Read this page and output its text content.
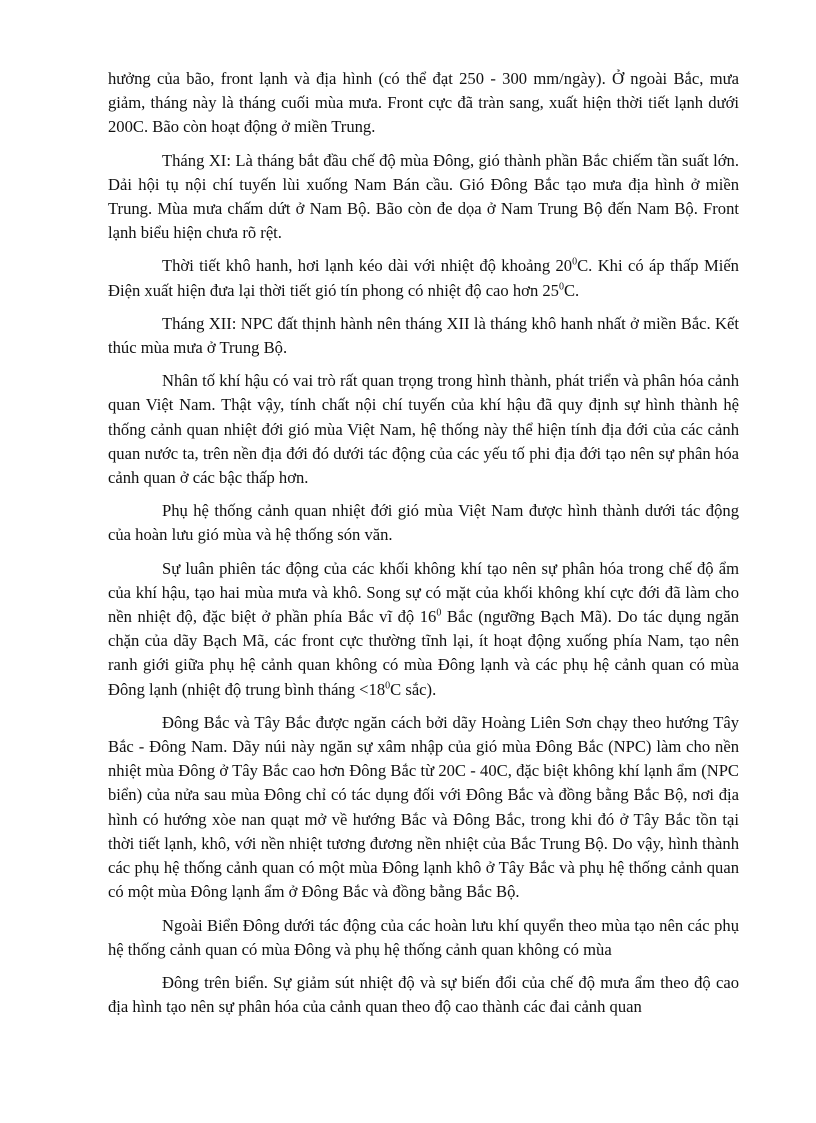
hưởng của bão, front lạnh và địa hình (có thể đạt 250 - 300 mm/ngày). Ở ngoài Bắc, mưa giảm, tháng này là tháng cuối mùa mưa. Front cực đã tràn sang, xuất hiện thời tiết lạnh dưới 200C. Bão còn hoạt động ở miền Trung.

Tháng XI: Là tháng bắt đầu chế độ mùa Đông, gió thành phần Bắc chiếm tần suất lớn. Dải hội tụ nội chí tuyến lùi xuống Nam Bán cầu. Gió Đông Bắc tạo mưa địa hình ở miền Trung. Mùa mưa chấm dứt ở Nam Bộ. Bão còn đe dọa ở Nam Trung Bộ đến Nam Bộ. Front lạnh biểu hiện chưa rõ rệt.

Thời tiết khô hanh, hơi lạnh kéo dài với nhiệt độ khoảng $20^0C$. Khi có áp thấp Miến Điện xuất hiện đưa lại thời tiết gió tín phong có nhiệt độ cao hơn $25^0C$.

Tháng XII: NPC đất thịnh hành nên tháng XII là tháng khô hanh nhất ở miền Bắc. Kết thúc mùa mưa ở Trung Bộ.

Nhân tố khí hậu có vai trò rất quan trọng trong hình thành, phát triển và phân hóa cảnh quan Việt Nam. Thật vậy, tính chất nội chí tuyến của khí hậu đã quy định sự hình thành hệ thống cảnh quan nhiệt đới gió mùa Việt Nam, hệ thống này thể hiện tính địa đới của các cảnh quan nước ta, trên nền địa đới đó dưới tác động của các yếu tố phi địa đới tạo nên sự phân hóa cảnh quan ở các bậc thấp hơn.

Phụ hệ thống cảnh quan nhiệt đới gió mùa Việt Nam được hình thành dưới tác động của hoàn lưu gió mùa và hệ thống són văn.

Sự luân phiên tác động của các khối không khí tạo nên sự phân hóa trong chế độ ẩm của khí hậu, tạo hai mùa mưa và khô. Song sự có mặt của khối không khí cực đới đã làm cho nền nhiệt độ, đặc biệt ở phần phía Bắc vĩ độ $16^0$ Bắc (ngưỡng Bạch Mã). Do tác dụng ngăn chặn của dãy Bạch Mã, các front cực thường tĩnh lại, ít hoạt động xuống phía Nam, tạo nên ranh giới giữa phụ hệ cảnh quan không có mùa Đông lạnh và các phụ hệ cảnh quan có mùa Đông lạnh (nhiệt độ trung bình tháng $<18^0C$ sắc).

Đông Bắc và Tây Bắc được ngăn cách bởi dãy Hoàng Liên Sơn chạy theo hướng Tây Bắc - Đông Nam. Dãy núi này ngăn sự xâm nhập của gió mùa Đông Bắc (NPC) làm cho nền nhiệt mùa Đông ở Tây Bắc cao hơn Đông Bắc từ 20C - 40C, đặc biệt không khí lạnh ẩm (NPC biển) của nửa sau mùa Đông chỉ có tác dụng đối với Đông Bắc và đồng bằng Bắc Bộ, nơi địa hình có hướng xòe nan quạt mở về hướng Bắc và Đông Bắc, trong khi đó ở Tây Bắc tồn tại thời tiết lạnh, khô, với nền nhiệt tương đương nền nhiệt của Bắc Trung Bộ. Do vậy, hình thành các phụ hệ thống cảnh quan có một mùa Đông lạnh khô ở Tây Bắc và phụ hệ thống cảnh quan có một mùa Đông lạnh ẩm ở Đông Bắc và đồng bằng Bắc Bộ.

Ngoài Biển Đông dưới tác động của các hoàn lưu khí quyển theo mùa tạo nên các phụ hệ thống cảnh quan có mùa Đông và phụ hệ thống cảnh quan không có mùa

Đông trên biển. Sự giảm sút nhiệt độ và sự biến đổi của chế độ mưa ẩm theo độ cao địa hình tạo nên sự phân hóa của cảnh quan theo độ cao thành các đai cảnh quan
